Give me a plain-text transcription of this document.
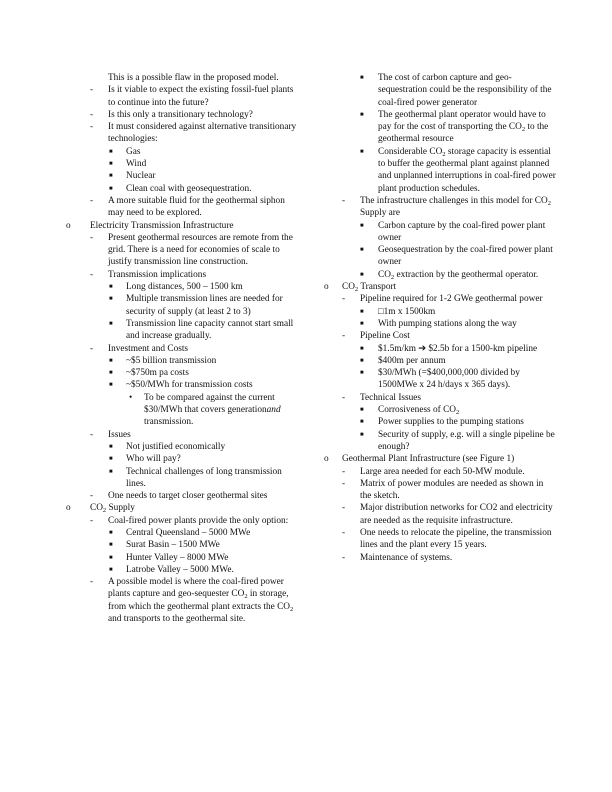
This is a possible flaw in the proposed model.
- Is it viable to expect the existing fossil-fuel plants to continue into the future?
- Is this only a transitionary technology?
- It must considered against alternative transitionary technologies:
■ Gas
■ Wind
■ Nuclear
■ Clean coal with geosequestration.
- A more suitable fluid for the geothermal siphon may need to be explored.
o Electricity Transmission Infrastructure
- Present geothermal resources are remote from the grid. There is a need for economies of scale to justify transmission line construction.
- Transmission implications
■ Long distances, 500 – 1500 km
■ Multiple transmission lines are needed for security of supply (at least 2 to 3)
■ Transmission line capacity cannot start small and increase gradually.
- Investment and Costs
■ ~$5 billion transmission
■ ~$750m pa costs
■ ~$50/MWh for transmission costs
• To be compared against the current $30/MWh that covers generationand transmission.
- Issues
■ Not justified economically
■ Who will pay?
■ Technical challenges of long transmission lines.
- One needs to target closer geothermal sites
o $CO_2$ Supply
- Coal-fired power plants provide the only option:
■ Central Queensland – 5000 MWe
■ Surat Basin – 1500 MWe
■ Hunter Valley – 8000 MWe
■ Latrobe Valley – 5000 MWe.
- A possible model is where the coal-fired power plants capture and geo-sequester $CO_2$ in storage, from which the geothermal plant extracts the $CO_2$ and transports to the geothermal site.
■ The cost of carbon capture and geo-sequestration could be the responsibility of the coal-fired power generator
■ The geothermal plant operator would have to pay for the cost of transporting the $CO_2$ to the geothermal resource
■ Considerable $CO_2$ storage capacity is essential to buffer the geothermal plant against planned and unplanned interruptions in coal-fired power plant production schedules.
- The infrastructure challenges in this model for $CO_2$ Supply are
■ Carbon capture by the coal-fired power plant owner
■ Geosequestration by the coal-fired power plant owner
■ $CO_2$ extraction by the geothermal operator.
o $CO_2$ Transport
- Pipeline required for 1-2 GWe geothermal power
■ □1m x 1500km
■ With pumping stations along the way
- Pipeline Cost
■ $1.5m/km ➔ $2.5b for a 1500-km pipeline
■ $400m per annum
■ $30/MWh (=$400,000,000 divided by 1500MWe x 24 h/days x 365 days).
- Technical Issues
■ Corrosiveness of $CO_2$
■ Power supplies to the pumping stations
■ Security of supply, e.g. will a single pipeline be enough?
o Geothermal Plant Infrastructure (see Figure 1)
- Large area needed for each 50-MW module.
- Matrix of power modules are needed as shown in the sketch.
- Major distribution networks for CO2 and electricity are needed as the requisite infrastructure.
- One needs to relocate the pipeline, the transmission lines and the plant every 15 years.
- Maintenance of systems.
